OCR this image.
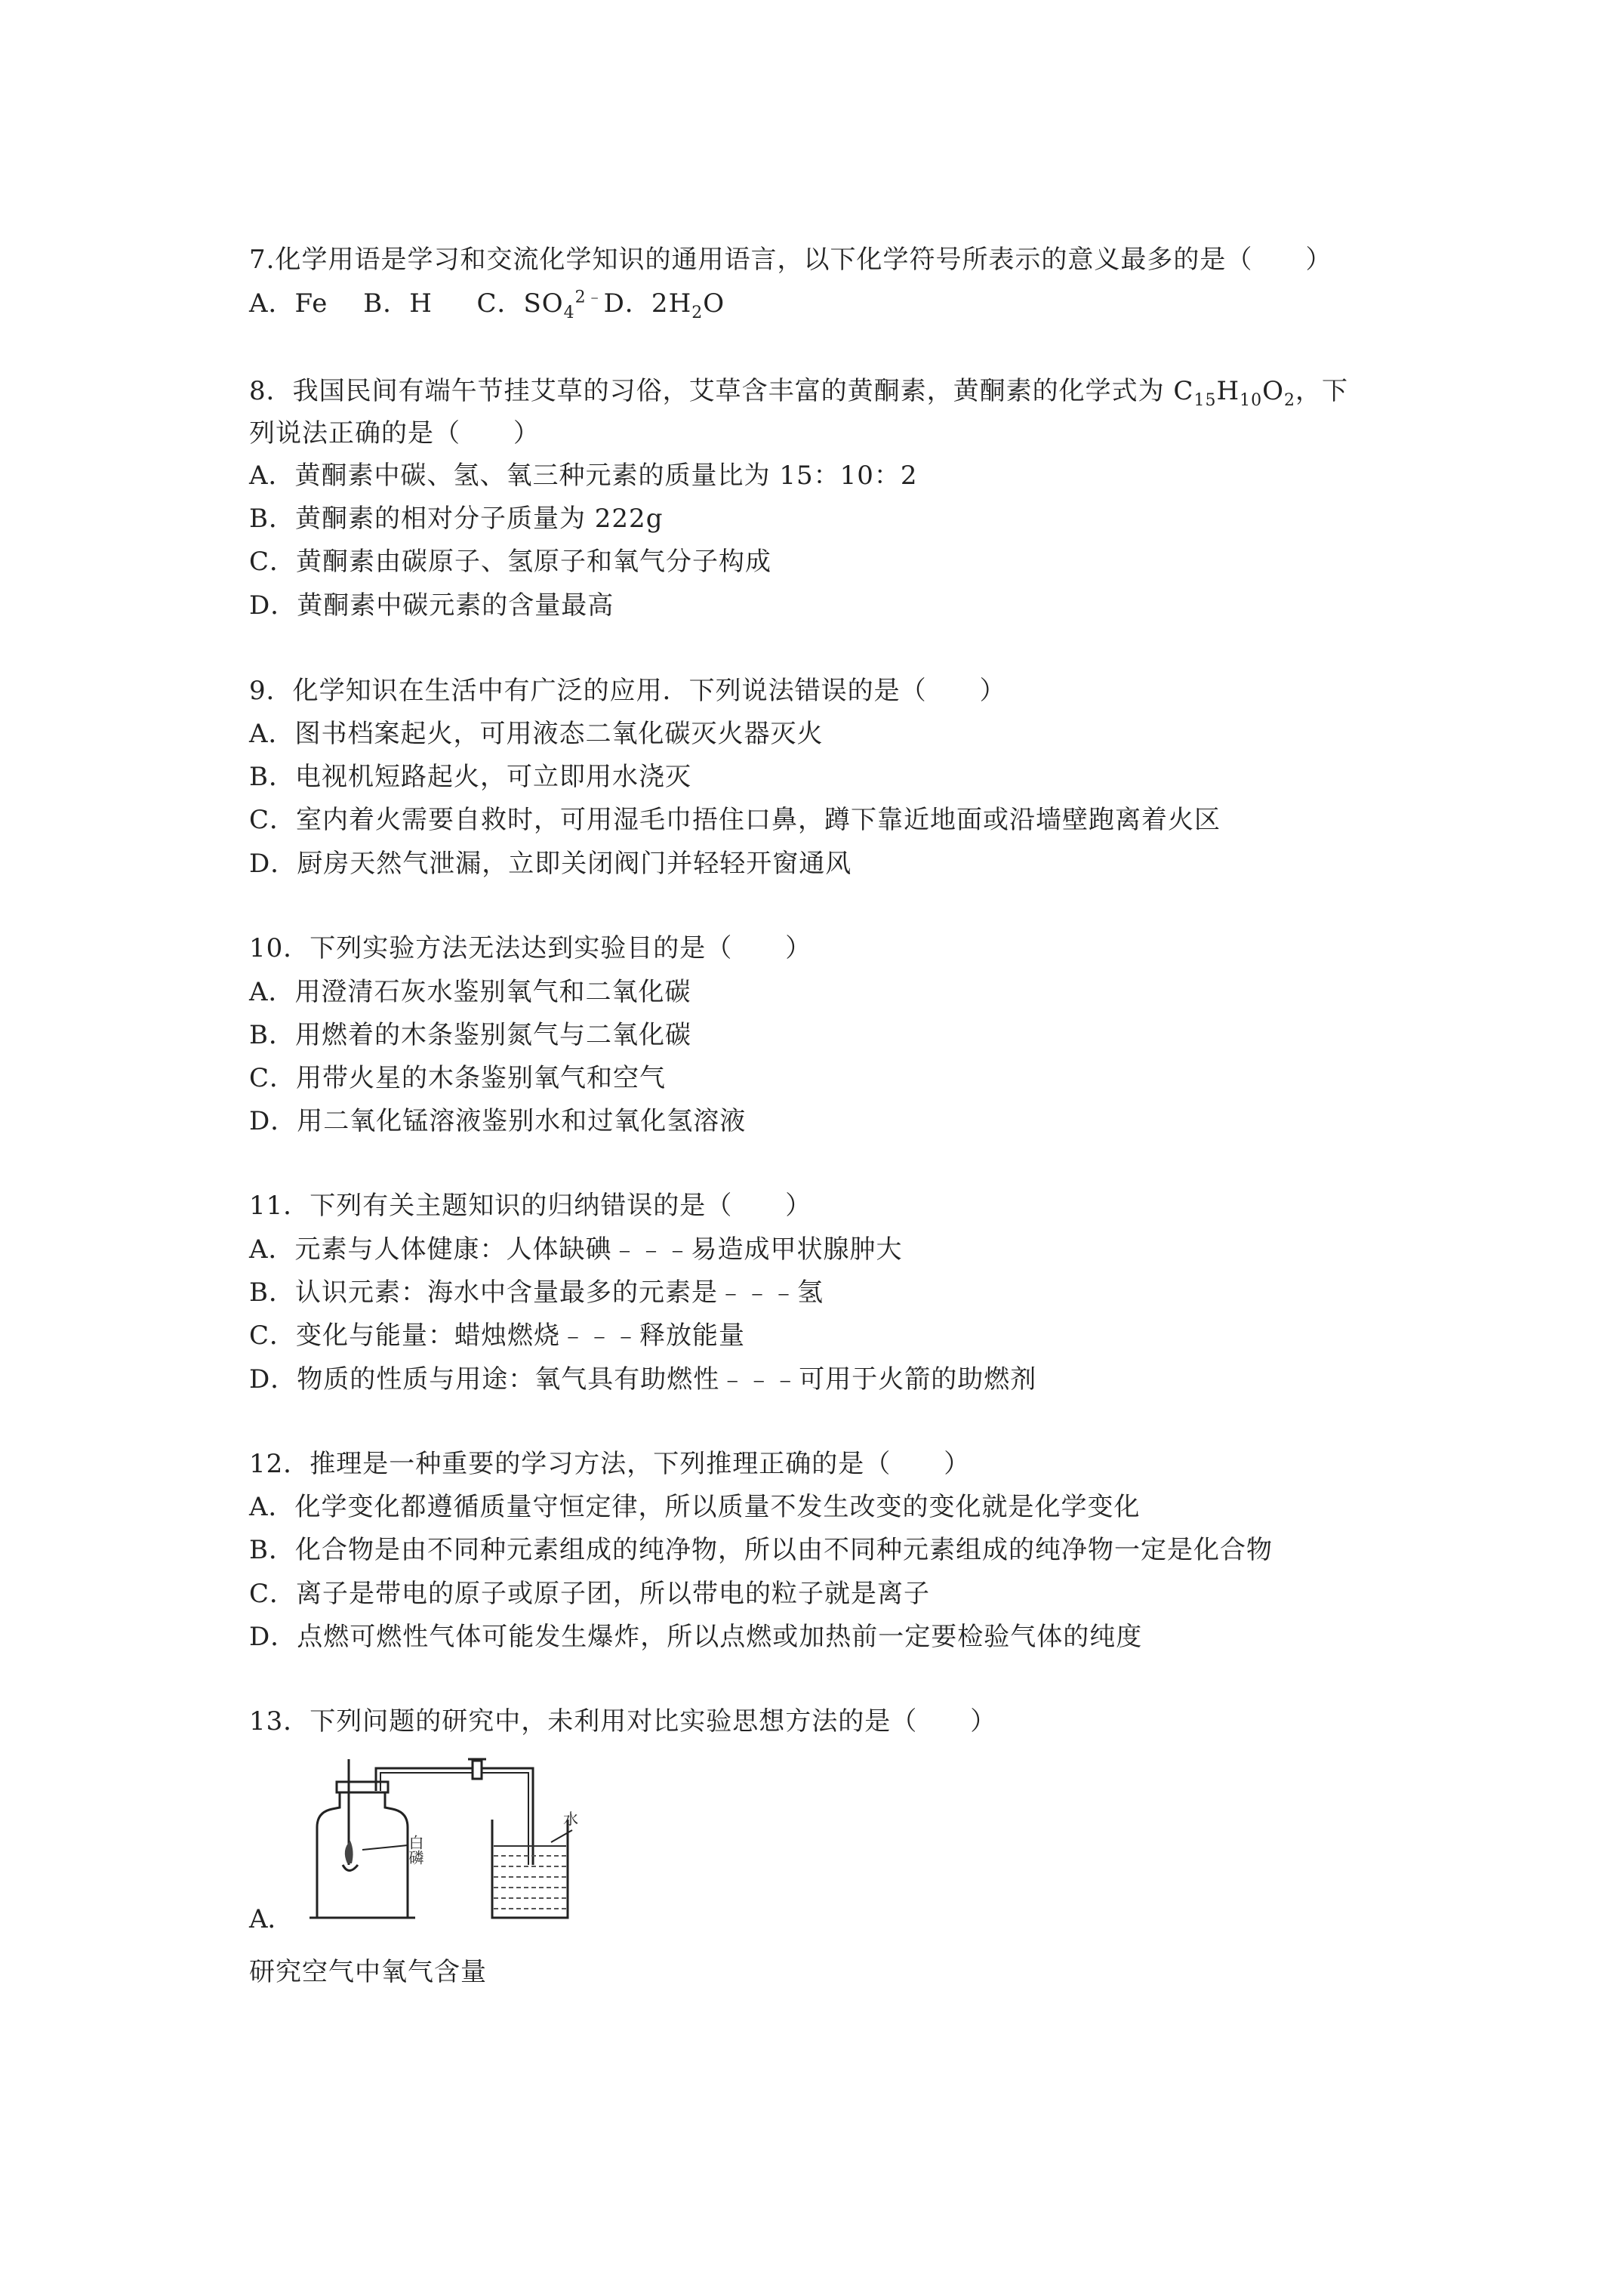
7.化学用语是学习和交流化学知识的通用语言，以下化学符号所表示的意义最多的是（　　 ）
A．Fe　 B．H　 C．$SO_4^{2﹣}D$．$2H_2O$
8．我国民间有端午节挂艾草的习俗，艾草含丰富的黄酮素，黄酮素的化学式为 $C_{15}H_{10}O_2$，下
列说法正确的是（　　）
A．黄酮素中碳、氢、氧三种元素的质量比为 15：10：2
B．黄酮素的相对分子质量为 222g
C．黄酮素由碳原子、氢原子和氧气分子构成
D．黄酮素中碳元素的含量最高
9．化学知识在生活中有广泛的应用．下列说法错误的是（　　）
A．图书档案起火，可用液态二氧化碳灭火器灭火
B．电视机短路起火，可立即用水浇灭
C．室内着火需要自救时，可用湿毛巾捂住口鼻，蹲下靠近地面或沿墙壁跑离着火区
D．厨房天然气泄漏，立即关闭阀门并轻轻开窗通风
10．下列实验方法无法达到实验目的是（　　）
A．用澄清石灰水鉴别氧气和二氧化碳
B．用燃着的木条鉴别氮气与二氧化碳
C．用带火星的木条鉴别氧气和空气
D．用二氧化锰溶液鉴别水和过氧化氢溶液
11．下列有关主题知识的归纳错误的是（　　）
A．元素与人体健康：人体缺碘﹣﹣﹣易造成甲状腺肿大
B．认识元素：海水中含量最多的元素是﹣﹣﹣氢
C．变化与能量：蜡烛燃烧﹣﹣﹣释放能量
D．物质的性质与用途：氧气具有助燃性﹣﹣﹣可用于火箭的助燃剂
12．推理是一种重要的学习方法，下列推理正确的是（　　）
A．化学变化都遵循质量守恒定律，所以质量不发生改变的变化就是化学变化
B．化合物是由不同种元素组成的纯净物，所以由不同种元素组成的纯净物一定是化合物
C．离子是带电的原子或原子团，所以带电的粒子就是离子
D．点燃可燃性气体可能发生爆炸，所以点燃或加热前一定要检验气体的纯度
13．下列问题的研究中，未利用对比实验思想方法的是（　　）
A．
白磷
水
研究空气中氧气含量
